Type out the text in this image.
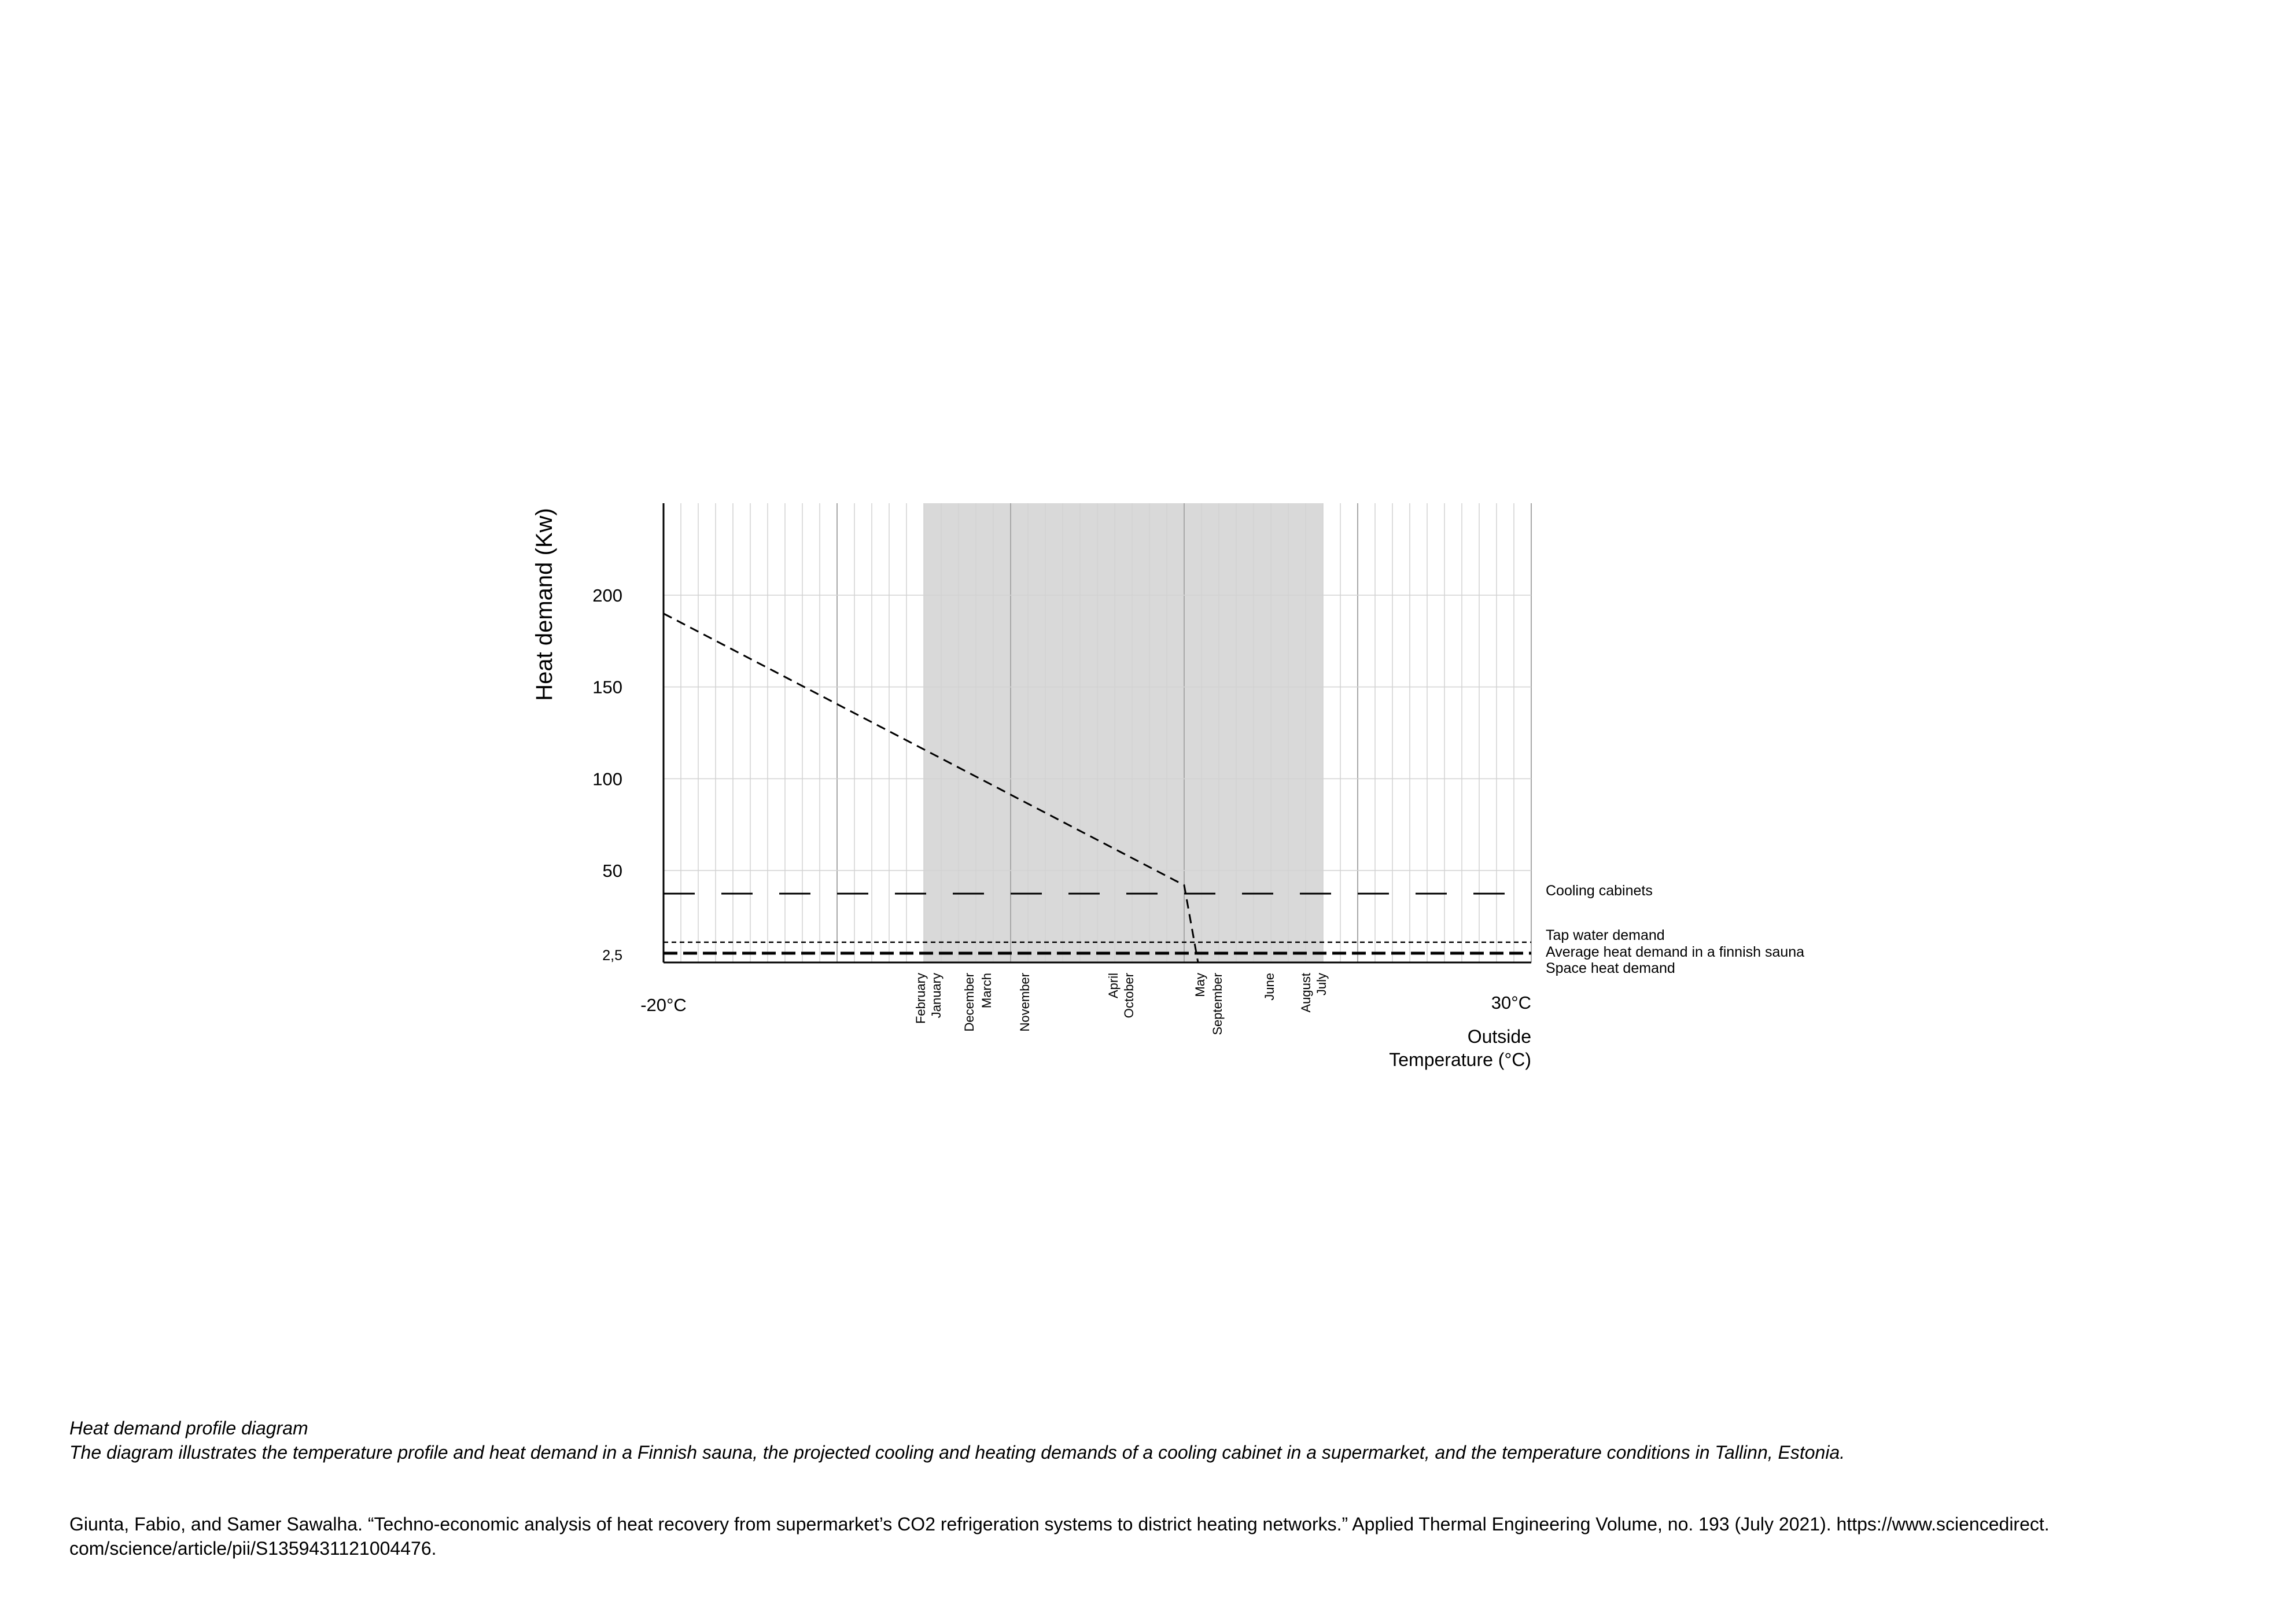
Heat demand (Kw) 200
150
100
50
2,5
-20°C	30°C
February January December March November	April October	May September	June August July
Outside
Temperature (°C)
Cooling cabinets
Tap water demand
Average heat demand in a finnish sauna
Space heat demand
Heat demand profile diagram
The diagram illustrates the temperature profile and heat demand in a Finnish sauna, the projected cooling and heating demands of a cooling cabinet in a supermarket, and the temperature conditions in Tallinn, Estonia.
Giunta, Fabio, and Samer Sawalha. “Techno-economic analysis of heat recovery from supermarket’s CO2 refrigeration systems to district heating networks.” Applied Thermal Engineering Volume, no. 193 (July 2021). https://www.sciencedirect.
com/science/article/pii/S1359431121004476.
